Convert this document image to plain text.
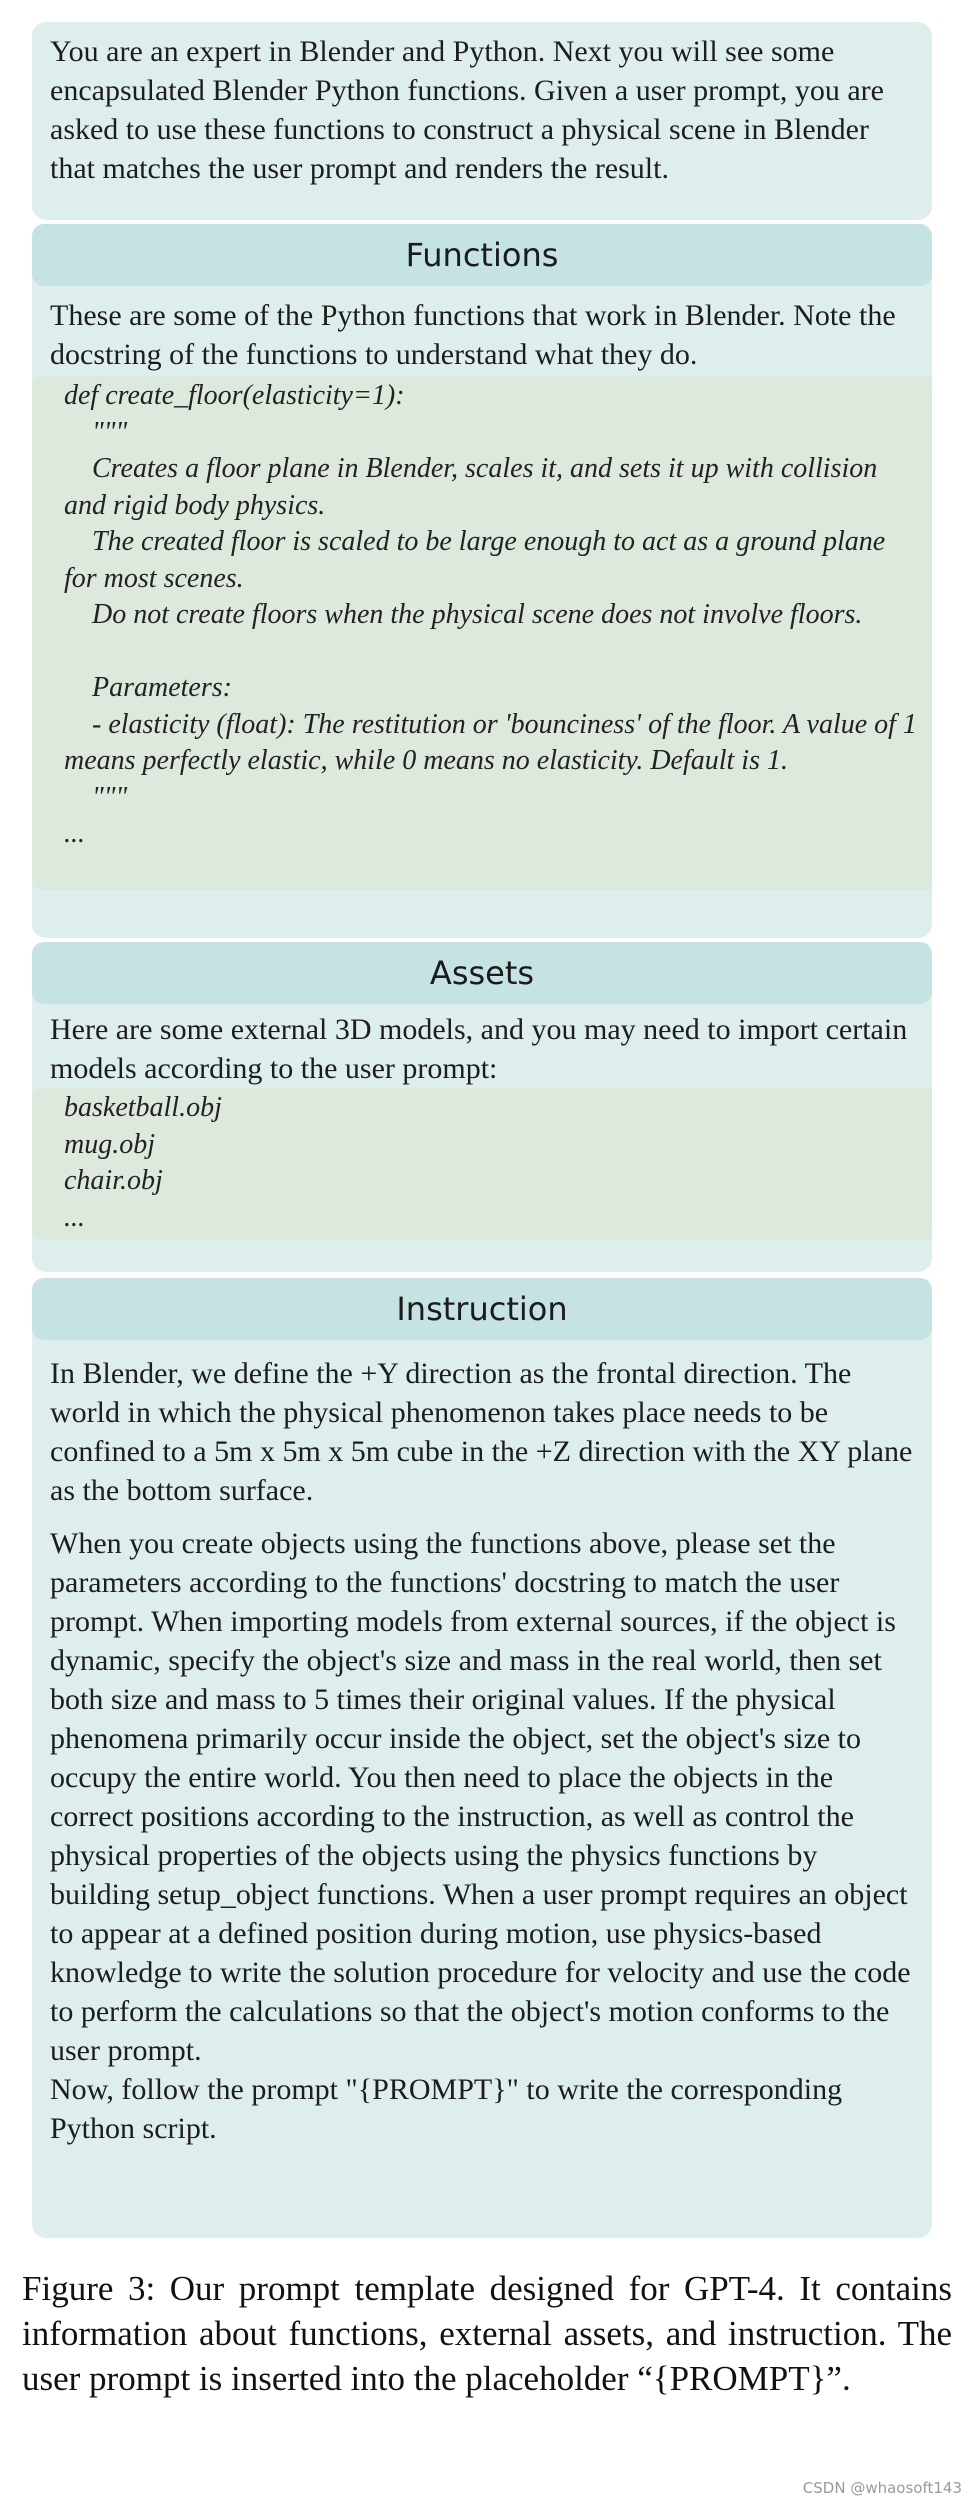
You are an expert in Blender and Python. Next you will see some encapsulated Blender Python functions. Given a user prompt, you are asked to use these functions to construct a physical scene in Blender that matches the user prompt and renders the result.

Functions

These are some of the Python functions that work in Blender. Note the docstring of the functions to understand what they do.

def create_floor(elasticity=1):
"""
Creates a floor plane in Blender, scales it, and sets it up with collision and rigid body physics.
The created floor is scaled to be large enough to act as a ground plane for most scenes.
Do not create floors when the physical scene does not involve floors.

Parameters:
- elasticity (float): The restitution or 'bounciness' of the floor. A value of 1 means perfectly elastic, while 0 means no elasticity. Default is 1.
"""
...
Assets

Here are some external 3D models, and you may need to import certain models according to the user prompt:

basketball.obj
mug.obj
chair.obj
...
Instruction

In Blender, we define the +Y direction as the frontal direction. The world in which the physical phenomenon takes place needs to be confined to a 5m x 5m x 5m cube in the +Z direction with the XY plane as the bottom surface.

When you create objects using the functions above, please set the parameters according to the functions' docstring to match the user prompt. When importing models from external sources, if the object is dynamic, specify the object's size and mass in the real world, then set both size and mass to 5 times their original values. If the physical phenomena primarily occur inside the object, set the object's size to occupy the entire world. You then need to place the objects in the correct positions according to the instruction, as well as control the physical properties of the objects using the physics functions by building setup_object functions. When a user prompt requires an object to appear at a defined position during motion, use physics-based knowledge to write the solution procedure for velocity and use the code to perform the calculations so that the object's motion conforms to the user prompt.

Now, follow the prompt "{PROMPT}" to write the corresponding Python script.

Figure 3: Our prompt template designed for GPT-4. It contains information about functions, external assets, and instruction. The user prompt is inserted into the placeholder “{PROMPT}”.

CSDN @whaosoft143
